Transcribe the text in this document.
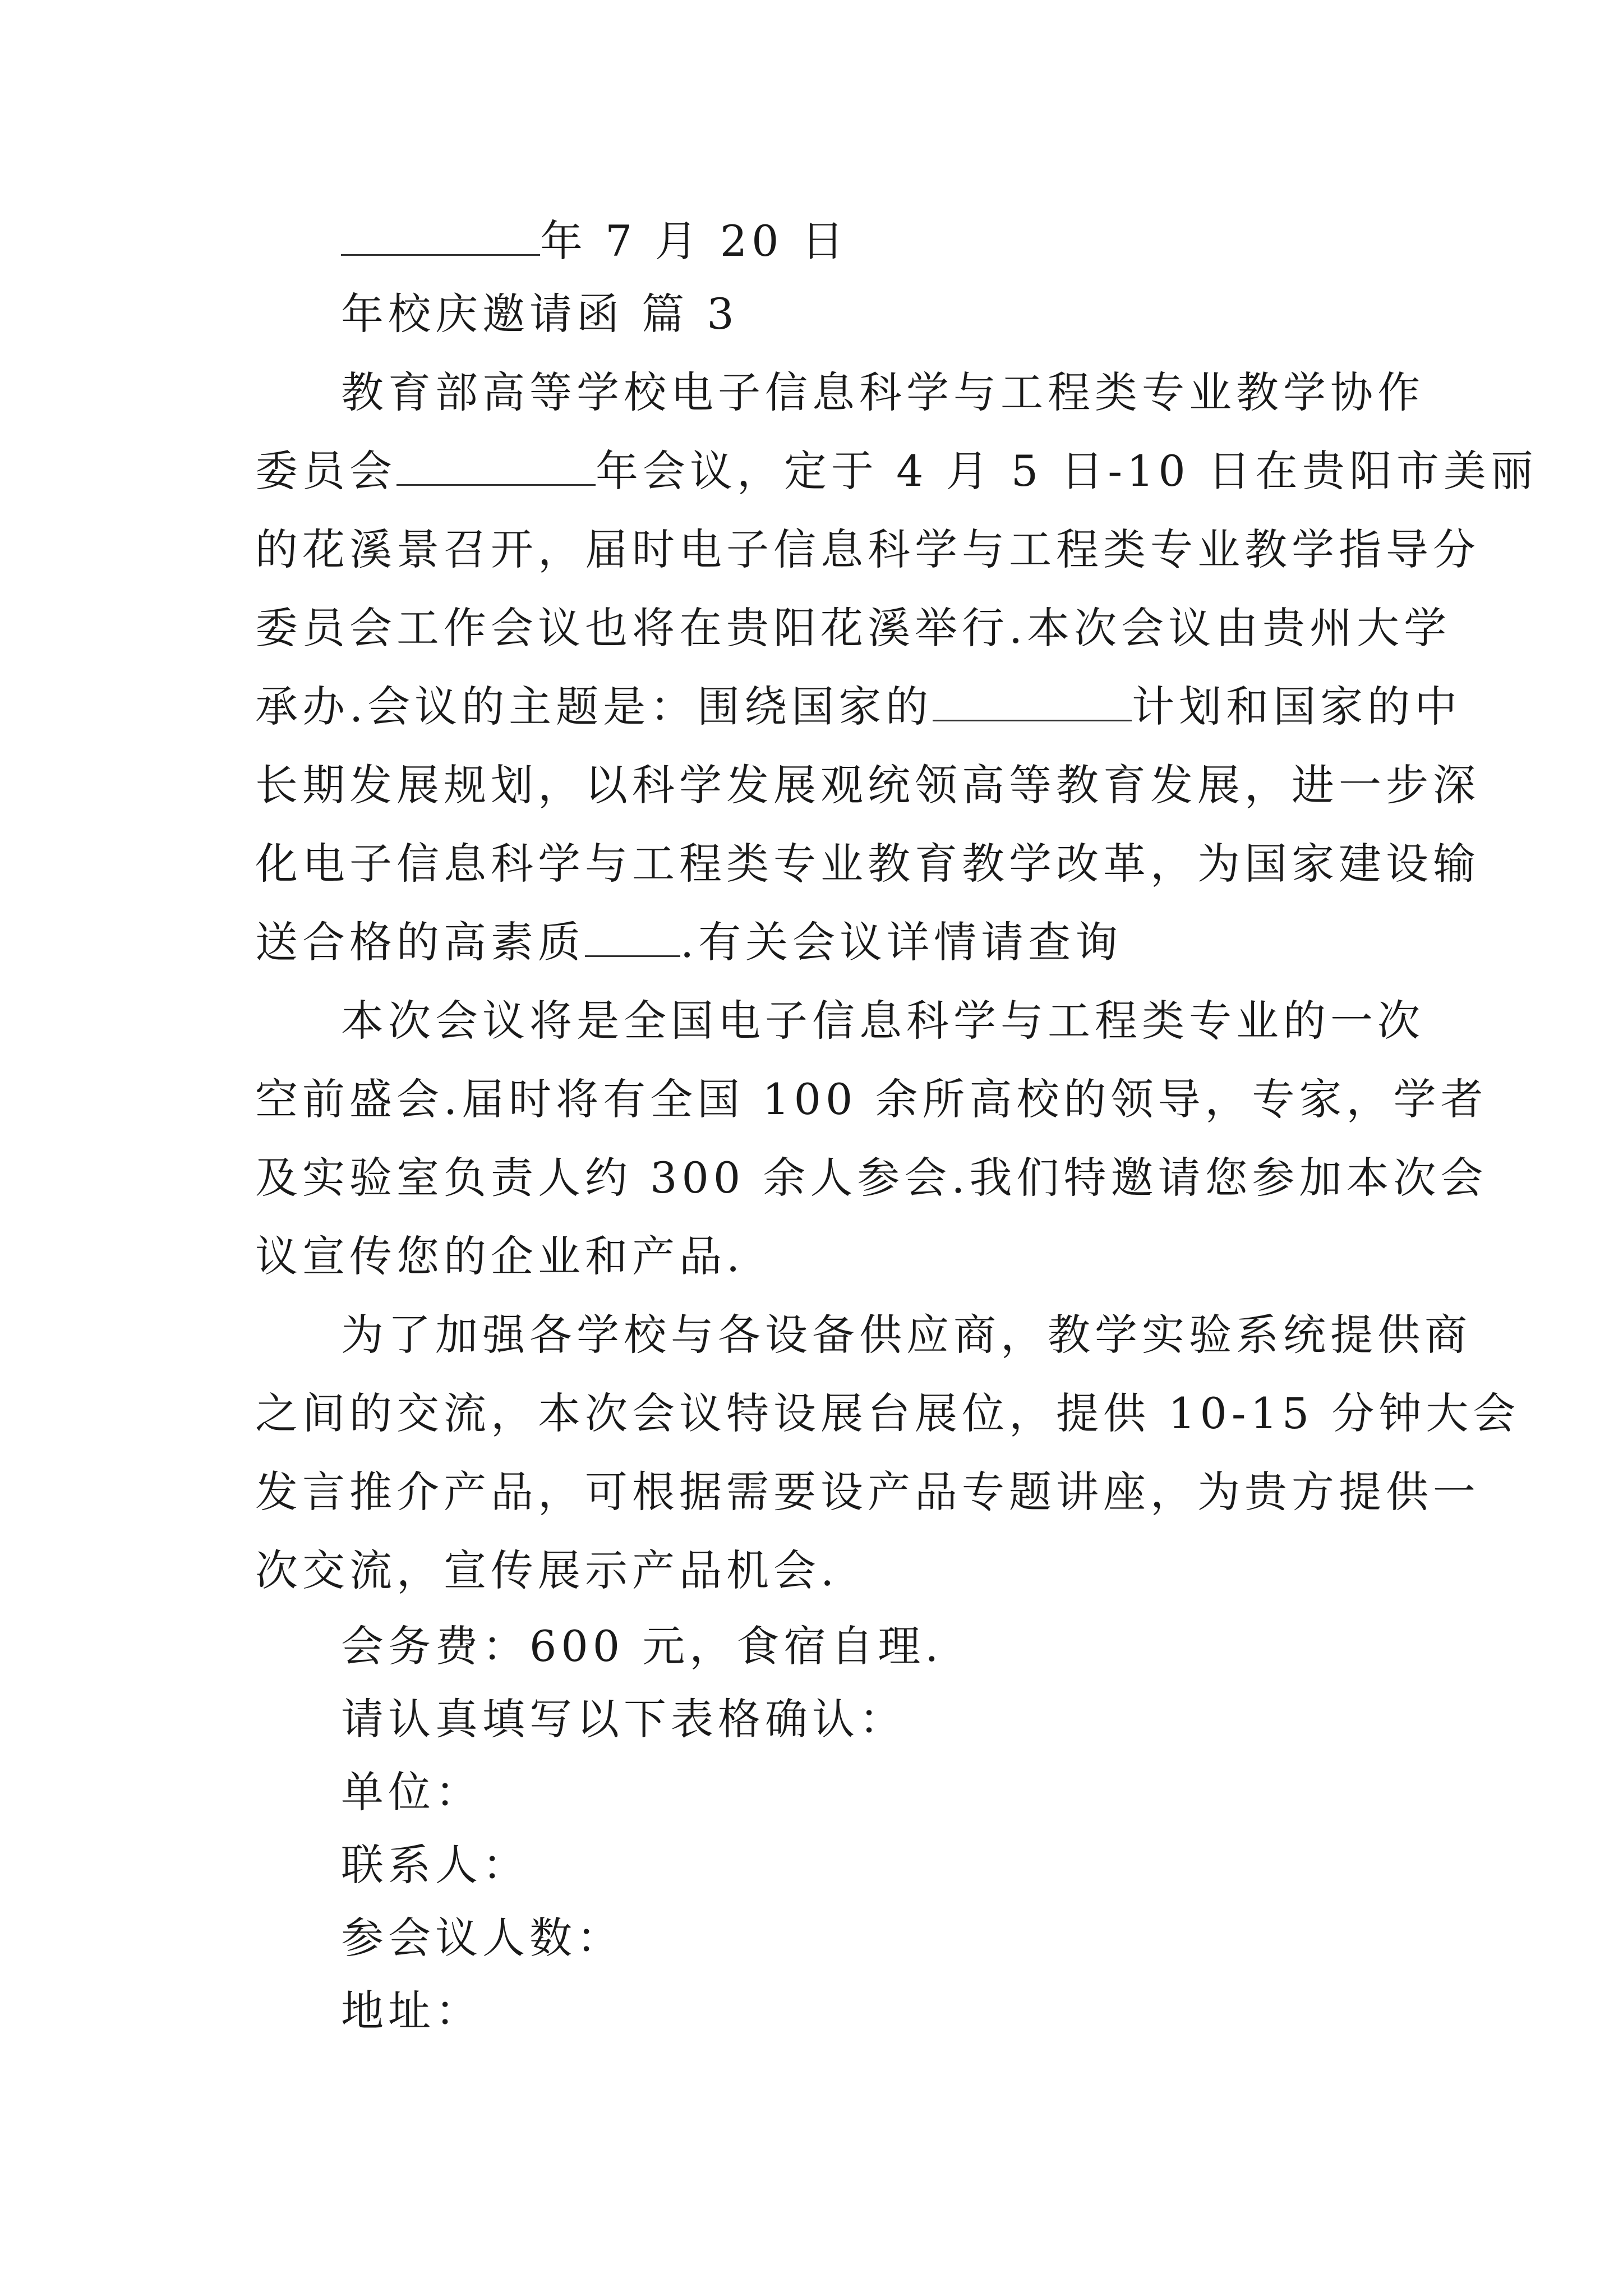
年 7 月 20 日
年校庆邀请函 篇 3
教育部高等学校电子信息科学与工程类专业教学协作
委员会	年会议，定于 4 月 5 日-10 日在贵阳市美丽
的花溪景召开，届时电子信息科学与工程类专业教学指导分
委员会工作会议也将在贵阳花溪举行.本次会议由贵州大学
承办.会议的主题是：围绕国家的	计划和国家的中
长期发展规划，以科学发展观统领高等教育发展，进一步深
化电子信息科学与工程类专业教育教学改革，为国家建设输
送合格的高素质 .有关会议详情请查询
本次会议将是全国电子信息科学与工程类专业的一次
空前盛会.届时将有全国 100 余所高校的领导，专家，学者
及实验室负责人约 300 余人参会.我们特邀请您参加本次会
议宣传您的企业和产品.
为了加强各学校与各设备供应商，教学实验系统提供商
之间的交流，本次会议特设展台展位，提供 10-15 分钟大会
发言推介产品，可根据需要设产品专题讲座，为贵方提供一
次交流，宣传展示产品机会.
会务费：600 元，食宿自理.
请认真填写以下表格确认：
单位：
联系人：
参会议人数：
地址：
